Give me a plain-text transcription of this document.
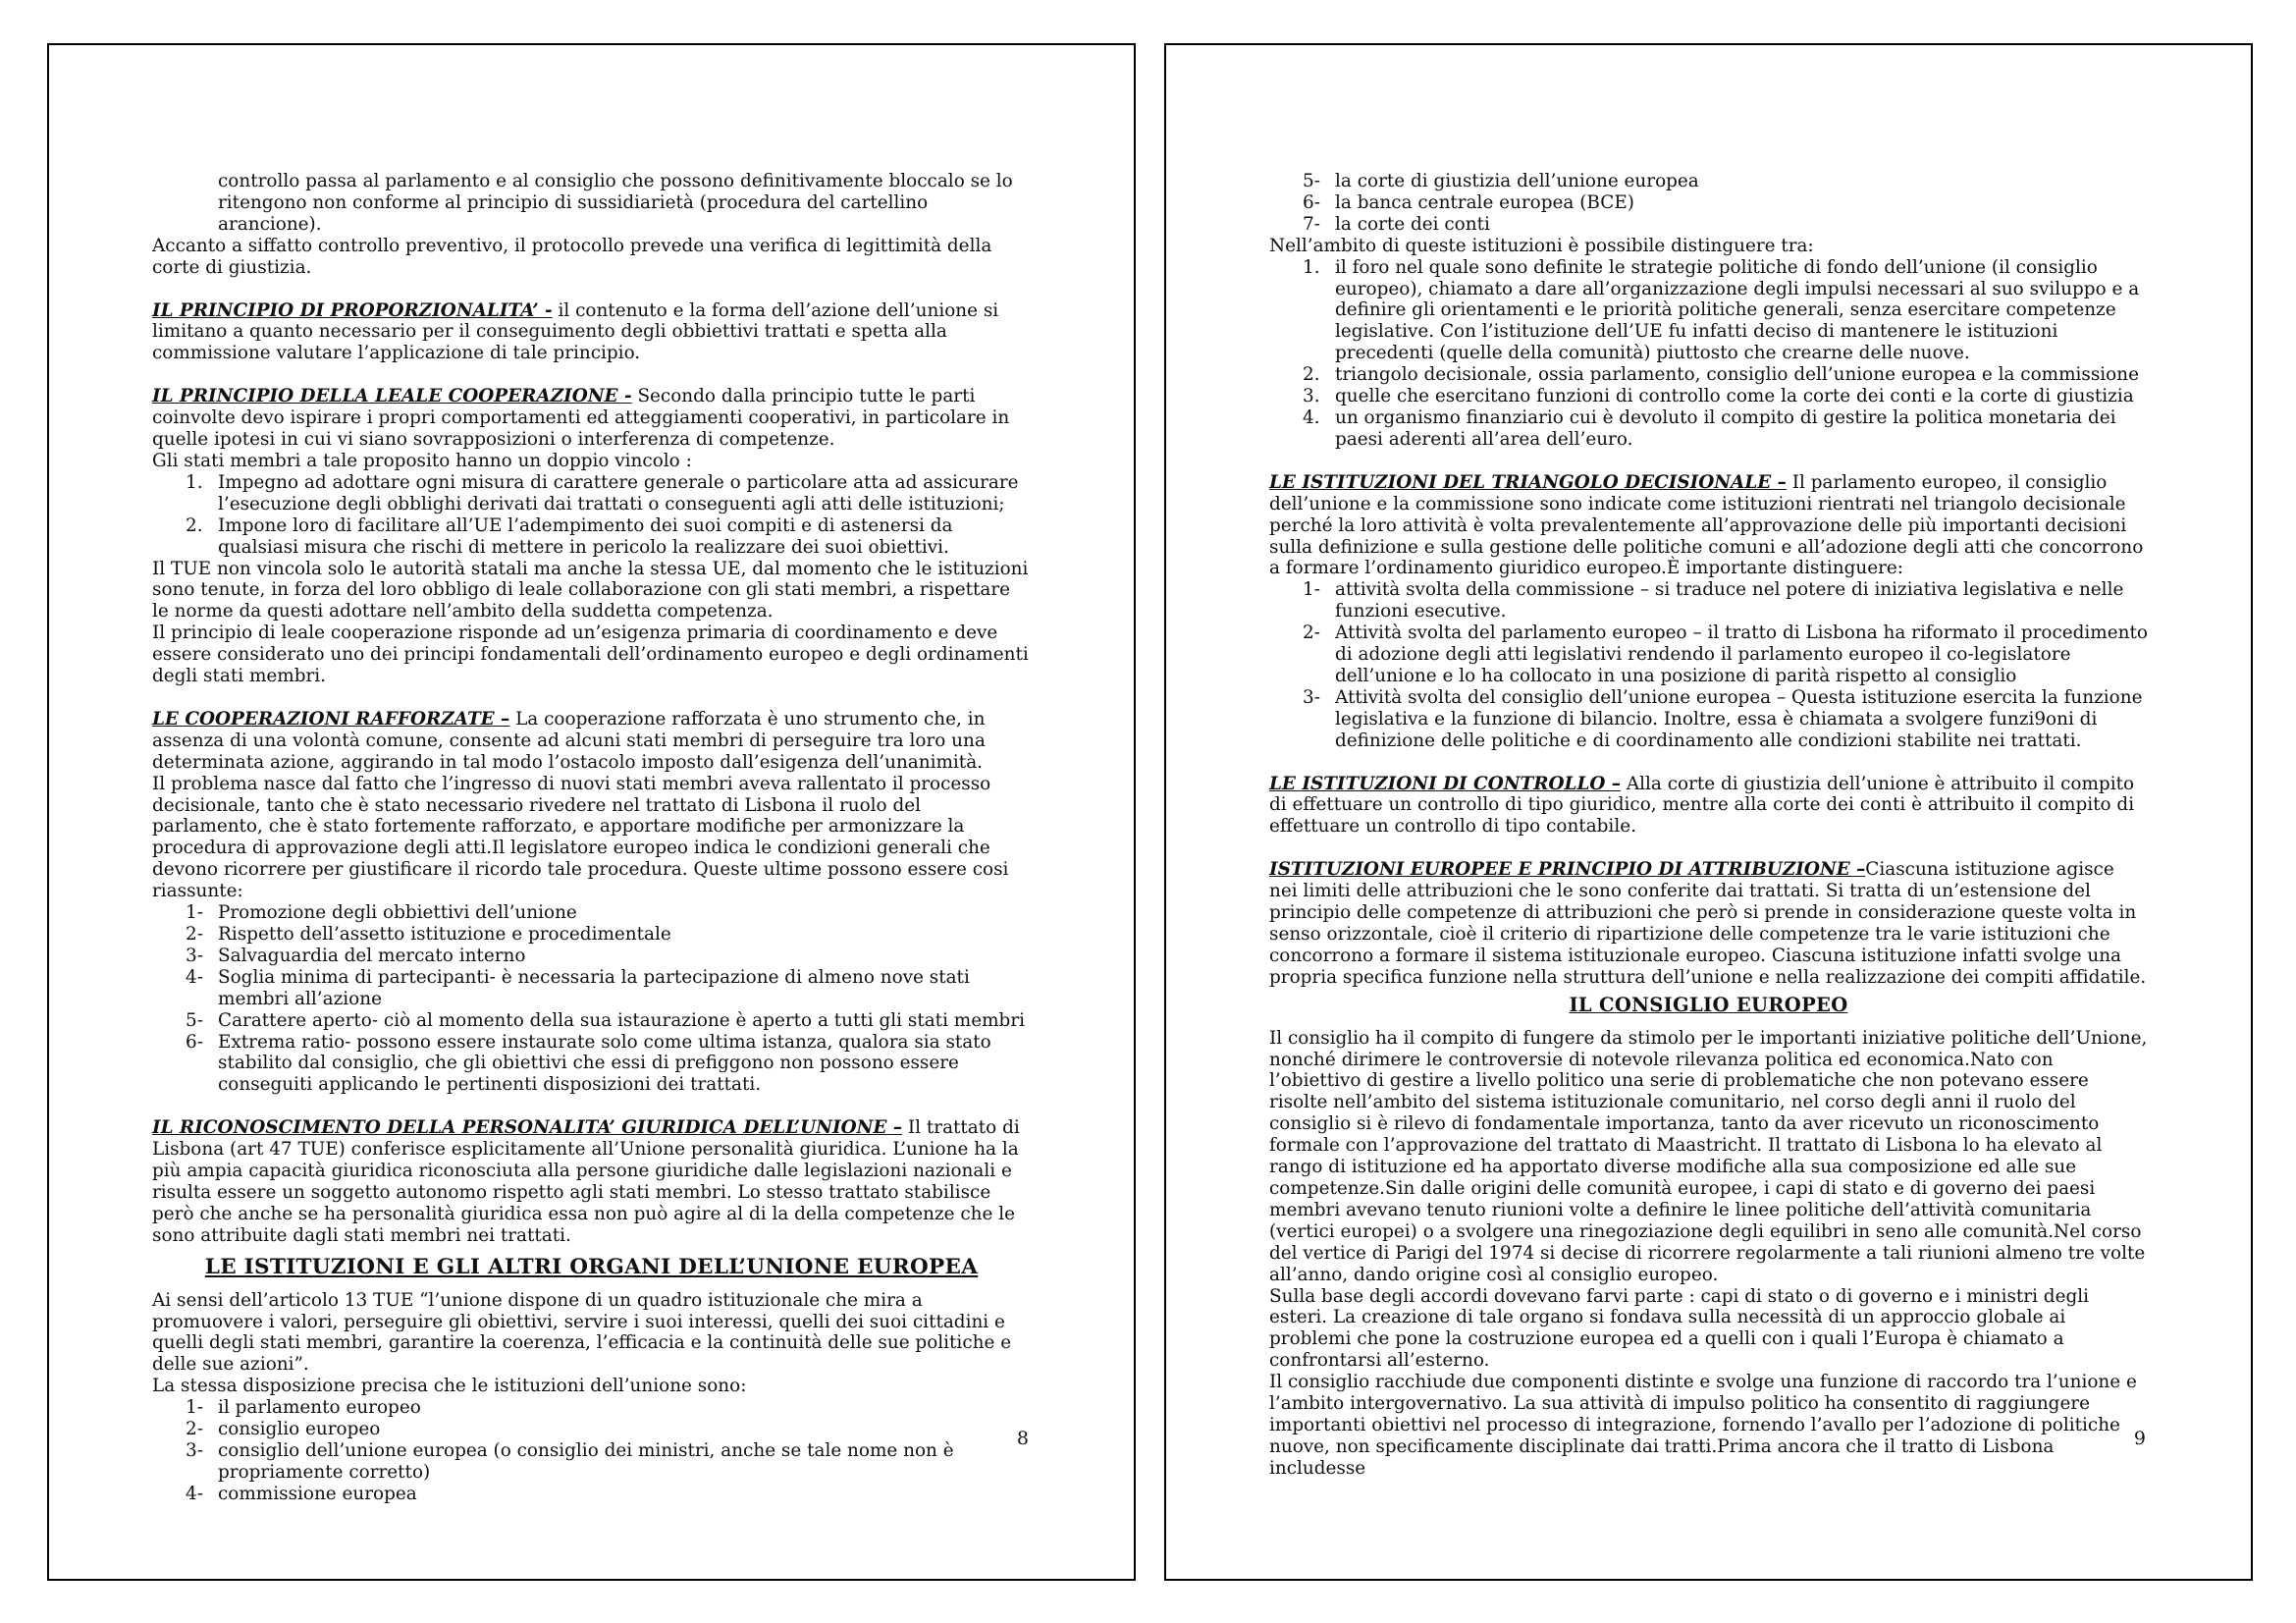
controllo passa al parlamento e al consiglio che possono definitivamente bloccalo se lo ritengono non conforme al principio di sussidiarietà (procedura del cartellino arancione).

Accanto a siffatto controllo preventivo, il protocollo prevede una verifica di legittimità della corte di giustizia.

IL PRINCIPIO DI PROPORZIONALITA’ - il contenuto e la forma dell’azione dell’unione si limitano a quanto necessario per il conseguimento degli obbiettivi trattati e spetta alla commissione valutare l’applicazione di tale principio.

IL PRINCIPIO DELLA LEALE COOPERAZIONE - Secondo dalla principio tutte le parti coinvolte devo ispirare i propri comportamenti ed atteggiamenti cooperativi, in particolare in quelle ipotesi in cui vi siano sovrapposizioni o interferenza di competenze.

Gli stati membri a tale proposito hanno un doppio vincolo :

1. Impegno ad adottare ogni misura di carattere generale o particolare atta ad assicurare l’esecuzione degli obblighi derivati dai trattati o conseguenti agli atti delle istituzioni;
2. Impone loro di facilitare all’UE l’adempimento dei suoi compiti e di astenersi da qualsiasi misura che rischi di mettere in pericolo la realizzare dei suoi obiettivi.

Il TUE non vincola solo le autorità statali ma anche la stessa UE, dal momento che le istituzioni sono tenute, in forza del loro obbligo di leale collaborazione con gli stati membri, a rispettare le norme da questi adottare nell’ambito della suddetta competenza.

Il principio di leale cooperazione risponde ad un’esigenza primaria di coordinamento e deve essere considerato uno dei principi fondamentali dell’ordinamento europeo e degli ordinamenti degli stati membri.

LE COOPERAZIONI RAFFORZATE – La cooperazione rafforzata è uno strumento che, in assenza di una volontà comune, consente ad alcuni stati membri di perseguire tra loro una determinata azione, aggirando in tal modo l’ostacolo imposto dall’esigenza dell’unanimità.

Il problema nasce dal fatto che l’ingresso di nuovi stati membri aveva rallentato il processo decisionale, tanto che è stato necessario rivedere nel trattato di Lisbona il ruolo del parlamento, che è stato fortemente rafforzato, e apportare modifiche per armonizzare la procedura di approvazione degli atti.Il legislatore europeo indica le condizioni generali che devono ricorrere per giustificare il ricordo tale procedura. Queste ultime possono essere cosi riassunte:

1- Promozione degli obbiettivi dell’unione
2- Rispetto dell’assetto istituzione e procedimentale
3- Salvaguardia del mercato interno
4- Soglia minima di partecipanti- è necessaria la partecipazione di almeno nove stati membri all’azione
5- Carattere aperto- ciò al momento della sua istaurazione è aperto a tutti gli stati membri
6- Extrema ratio- possono essere instaurate solo come ultima istanza, qualora sia stato stabilito dal consiglio, che gli obiettivi che essi di prefiggono non possono essere conseguiti applicando le pertinenti disposizioni dei trattati.

IL RICONOSCIMENTO DELLA PERSONALITA’ GIURIDICA DELL’UNIONE – Il trattato di Lisbona (art 47 TUE) conferisce esplicitamente all’Unione personalità giuridica. L’unione ha la più ampia capacità giuridica riconosciuta alla persone giuridiche dalle legislazioni nazionali e risulta essere un soggetto autonomo rispetto agli stati membri. Lo stesso trattato stabilisce però che anche se ha personalità giuridica essa non può agire al di la della competenze che le sono attribuite dagli stati membri nei trattati.

LE ISTITUZIONI E GLI ALTRI ORGANI DELL’UNIONE EUROPEA

Ai sensi dell’articolo 13 TUE “l’unione dispone di un quadro istituzionale che mira a promuovere i valori, perseguire gli obiettivi, servire i suoi interessi, quelli dei suoi cittadini e quelli degli stati membri, garantire la coerenza, l’efficacia e la continuità delle sue politiche e delle sue azioni”.

La stessa disposizione precisa che le istituzioni dell’unione sono:

1- il parlamento europeo
2- consiglio europeo
3- consiglio dell’unione europea (o consiglio dei ministri, anche se tale nome non è propriamente corretto)
4- commissione europea
8
5- la corte di giustizia dell’unione europea
6- la banca centrale europea (BCE)
7- la corte dei conti

Nell’ambito di queste istituzioni è possibile distinguere tra:

1. il foro nel quale sono definite le strategie politiche di fondo dell’unione (il consiglio europeo), chiamato a dare all’organizzazione degli impulsi necessari al suo sviluppo e a definire gli orientamenti e le priorità politiche generali, senza esercitare competenze legislative. Con l’istituzione dell’UE fu infatti deciso di mantenere le istituzioni precedenti (quelle della comunità) piuttosto che crearne delle nuove.
2. triangolo decisionale, ossia parlamento, consiglio dell’unione europea e la commissione
3. quelle che esercitano funzioni di controllo come la corte dei conti e la corte di giustizia
4. un organismo finanziario cui è devoluto il compito di gestire la politica monetaria dei paesi aderenti all’area dell’euro.

LE ISTITUZIONI DEL TRIANGOLO DECISIONALE – Il parlamento europeo, il consiglio dell’unione e la commissione sono indicate come istituzioni rientrati nel triangolo decisionale perché la loro attività è volta prevalentemente all’approvazione delle più importanti decisioni sulla definizione e sulla gestione delle politiche comuni e all’adozione degli atti che concorrono a formare l’ordinamento giuridico europeo.È importante distinguere:

1- attività svolta della commissione – si traduce nel potere di iniziativa legislativa e nelle funzioni esecutive.
2- Attività svolta del parlamento europeo – il tratto di Lisbona ha riformato il procedimento di adozione degli atti legislativi rendendo il parlamento europeo il co-legislatore dell’unione e lo ha collocato in una posizione di parità rispetto al consiglio
3- Attività svolta del consiglio dell’unione europea – Questa istituzione esercita la funzione legislativa e la funzione di bilancio. Inoltre, essa è chiamata a svolgere funzi9oni di definizione delle politiche e di coordinamento alle condizioni stabilite nei trattati.

LE ISTITUZIONI DI CONTROLLO – Alla corte di giustizia dell’unione è attribuito il compito di effettuare un controllo di tipo giuridico, mentre alla corte dei conti è attribuito il compito di effettuare un controllo di tipo contabile.

ISTITUZIONI EUROPEE E PRINCIPIO DI ATTRIBUZIONE –Ciascuna istituzione agisce nei limiti delle attribuzioni che le sono conferite dai trattati. Si tratta di un’estensione del principio delle competenze di attribuzioni che però si prende in considerazione queste volta in senso orizzontale, cioè il criterio di ripartizione delle competenze tra le varie istituzioni che concorrono a formare il sistema istituzionale europeo. Ciascuna istituzione infatti svolge una propria specifica funzione nella struttura dell’unione e nella realizzazione dei compiti affidatile.

IL CONSIGLIO EUROPEO

Il consiglio ha il compito di fungere da stimolo per le importanti iniziative politiche dell’Unione, nonché dirimere le controversie di notevole rilevanza politica ed economica.Nato con l’obiettivo di gestire a livello politico una serie di problematiche che non potevano essere risolte nell’ambito del sistema istituzionale comunitario, nel corso degli anni il ruolo del consiglio si è rilevo di fondamentale importanza, tanto da aver ricevuto un riconoscimento formale con l’approvazione del trattato di Maastricht. Il trattato di Lisbona lo ha elevato al rango di istituzione ed ha apportato diverse modifiche alla sua composizione ed alle sue competenze.Sin dalle origini delle comunità europee, i capi di stato e di governo dei paesi membri avevano tenuto riunioni volte a definire le linee politiche dell’attività comunitaria (vertici europei) o a svolgere una rinegoziazione degli equilibri in seno alle comunità.Nel corso del vertice di Parigi del 1974 si decise di ricorrere regolarmente a tali riunioni almeno tre volte all’anno, dando origine così al consiglio europeo.

Sulla base degli accordi dovevano farvi parte : capi di stato o di governo e i ministri degli esteri. La creazione di tale organo si fondava sulla necessità di un approccio globale ai problemi che pone la costruzione europea ed a quelli con i quali l’Europa è chiamato a confrontarsi all’esterno.

Il consiglio racchiude due componenti distinte e svolge una funzione di raccordo tra l’unione e l’ambito intergovernativo. La sua attività di impulso politico ha consentito di raggiungere importanti obiettivi nel processo di integrazione, fornendo l’avallo per l’adozione di politiche nuove, non specificamente disciplinate dai tratti.Prima ancora che il tratto di Lisbona includesse

9
